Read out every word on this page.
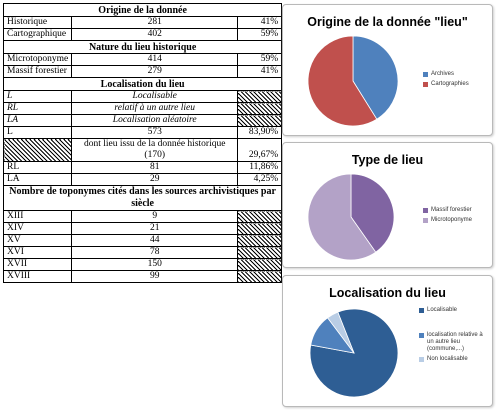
Origine de la donnée		
Historique	281	41%
Cartographique	402	59%
Nature du lieu historique		
Microtoponyme	414	59%
Massif forestier	279	41%
Localisation du lieu		
L	Localisable	
RL	relatif à un autre lieu	
LA	Localisation aléatoire	
L	573	83,90%
	dont lieu issu de la donnée historique (170)	29,67%
RL	81	11,86%
LA	29	4,25%
Nombre de toponymes cités dans les sources archivistiques par siècle		
XIII	9	
XIV	21	
XV	44	
XVI	78	
XVII	150	
XVIII	99	
Origine de la donnée "lieu"
Archives
Cartographies
Type de lieu
Massif forestier
Microtoponyme
Localisation du lieu
Localisable
localisation relative à un autre lieu (commune,...)
Non localisable
